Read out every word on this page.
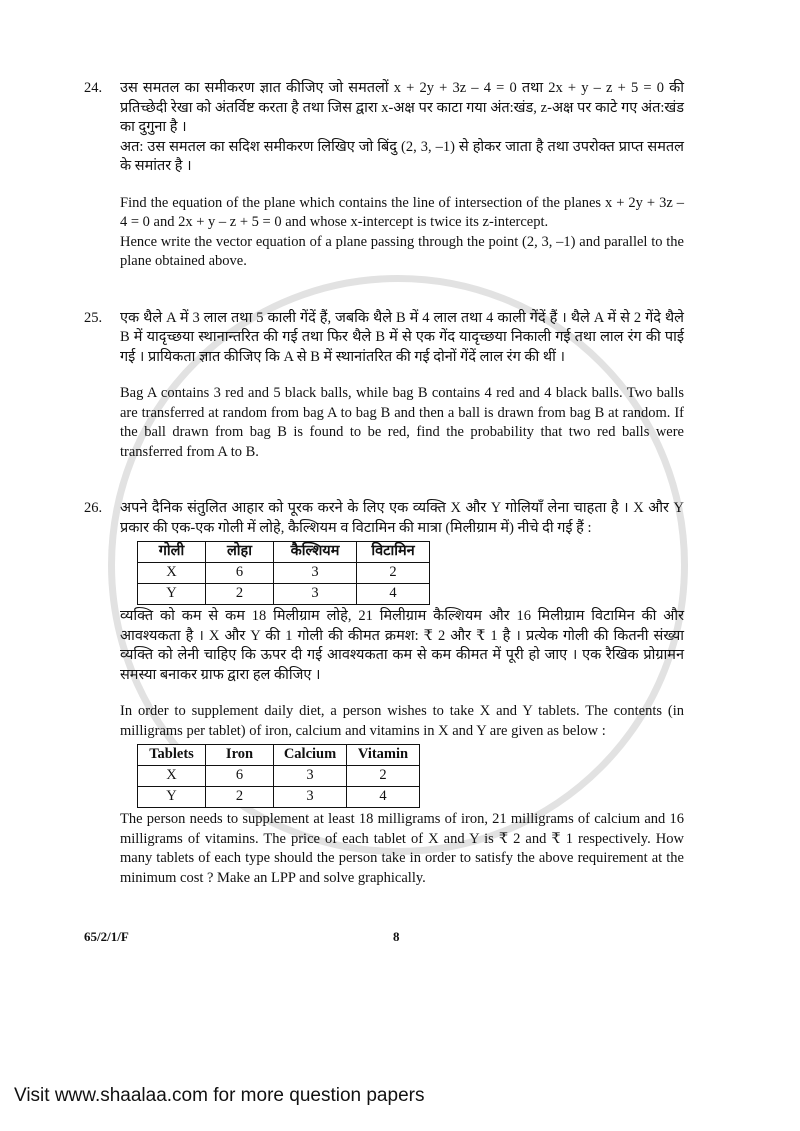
24.	उस समतल का समीकरण ज्ञात कीजिए जो समतलों x + 2y + 3z – 4 = 0 तथा 2x + y – z + 5 = 0 की प्रतिच्छेदी रेखा को अंतर्विष्ट करता है तथा जिस द्वारा x-अक्ष पर काटा गया अंत:खंड, z-अक्ष पर काटे गए अंत:खंड का दुगुना है ।

अत: उस समतल का सदिश समीकरण लिखिए जो बिंदु (2, 3, –1) से होकर जाता है तथा उपरोक्त प्राप्त समतल के समांतर है ।

Find the equation of the plane which contains the line of intersection of the planes x + 2y + 3z – 4 = 0 and 2x + y – z + 5 = 0 and whose x-intercept is twice its z-intercept.

Hence write the vector equation of a plane passing through the point (2, 3, –1) and parallel to the plane obtained above.

25.	एक थैले A में 3 लाल तथा 5 काली गेंदें हैं, जबकि थैले B में 4 लाल तथा 4 काली गेंदें हैं । थैले A में से 2 गेंदे थैले B में यादृच्छया स्थानान्तरित की गई तथा फिर थैले B में से एक गेंद यादृच्छया निकाली गई तथा लाल रंग की पाई गई । प्रायिकता ज्ञात कीजिए कि A से B में स्थानांतरित की गई दोनों गेंदें लाल रंग की थीं ।

Bag A contains 3 red and 5 black balls, while bag B contains 4 red and 4 black balls. Two balls are transferred at random from bag A to bag B and then a ball is drawn from bag B at random. If the ball drawn from bag B is found to be red, find the probability that two red balls were transferred from A to B.

26.	अपने दैनिक संतुलित आहार को पूरक करने के लिए एक व्यक्ति X और Y गोलियाँ लेना चाहता है । X और Y प्रकार की एक-एक गोली में लोहे, कैल्शियम व विटामिन की मात्रा (मिलीग्राम में) नीचे दी गई हैं :

गोली	लोहा	कैल्शियम	विटामिन
X	6	3	2
Y	2	3	4

व्यक्ति को कम से कम 18 मिलीग्राम लोहे, 21 मिलीग्राम कैल्शियम और 16 मिलीग्राम विटामिन की और आवश्यकता है । X और Y की 1 गोली की कीमत क्रमश: ₹ 2 और ₹ 1 है । प्रत्येक गोली की कितनी संख्या व्यक्ति को लेनी चाहिए कि ऊपर दी गई आवश्यकता कम से कम कीमत में पूरी हो जाए । एक रैखिक प्रोग्रामन समस्या बनाकर ग्राफ द्वारा हल कीजिए ।

In order to supplement daily diet, a person wishes to take X and Y tablets. The contents (in milligrams per tablet) of iron, calcium and vitamins in X and Y are given as below :

Tablets	Iron	Calcium	Vitamin
X	6	3	2
Y	2	3	4

The person needs to supplement at least 18 milligrams of iron, 21 milligrams of calcium and 16 milligrams of vitamins. The price of each tablet of X and Y is ₹ 2 and ₹ 1 respectively. How many tablets of each type should the person take in order to satisfy the above requirement at the minimum cost ? Make an LPP and solve graphically.

65/2/1/F	8
Visit www.shaalaa.com for more question papers
